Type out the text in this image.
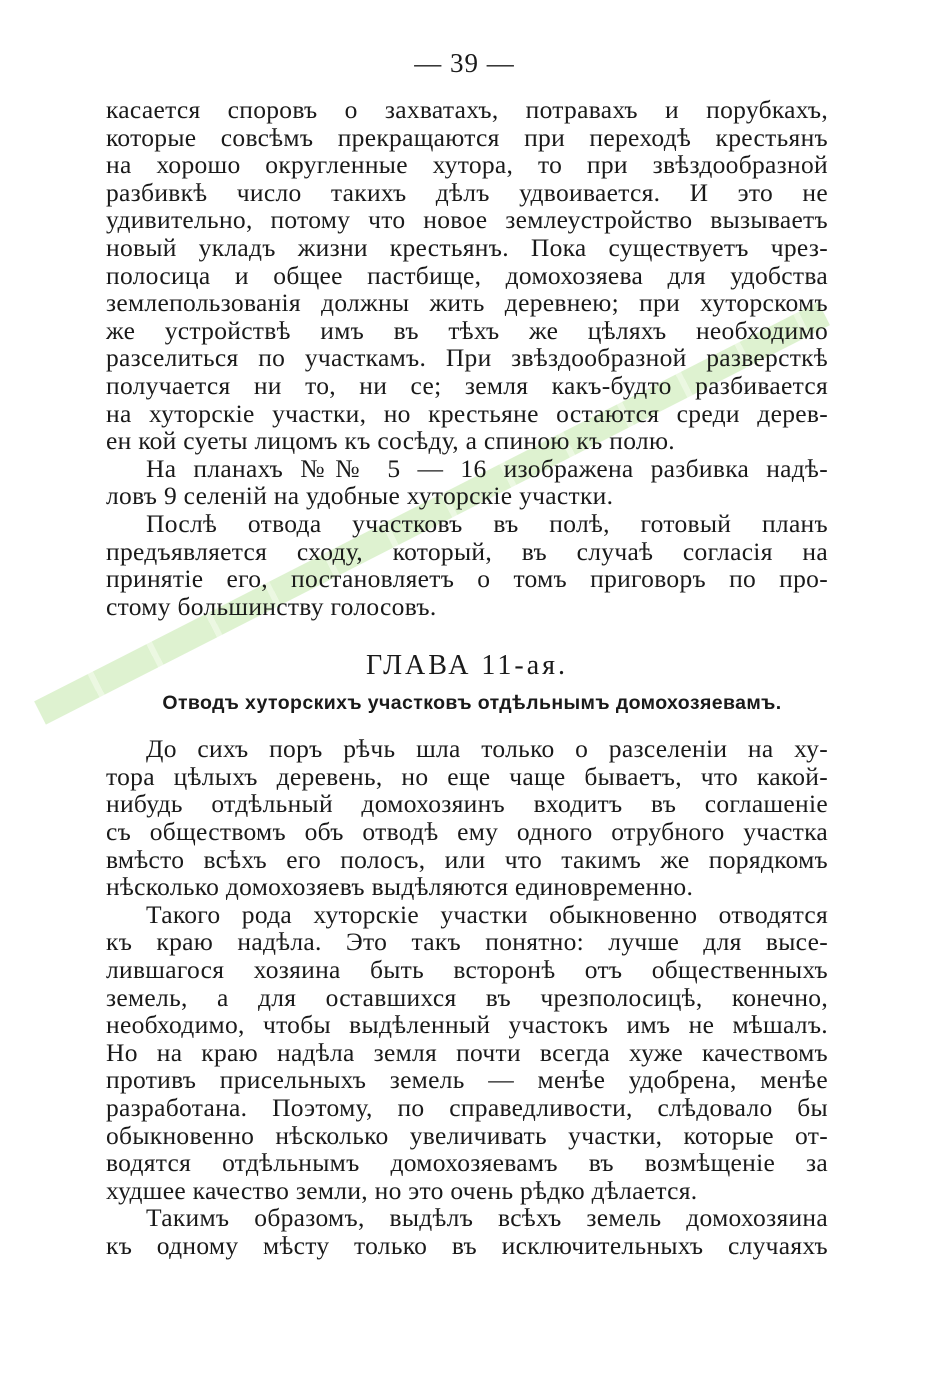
— 39 —
касается споровъ о захватахъ, потравахъ и порубкахъ,
которые совсѣмъ прекращаются при переходѣ крестьянъ
на хорошо округленные хутора, то при звѣздообразной
разбивкѣ число такихъ дѣлъ удвоивается. И это не
удивительно, потому что новое землеустройство вызываетъ
новый укладъ жизни крестьянъ. Пока существуетъ чрез-
полосица и общее пастбище, домохозяева для удобства
землепользованія должны жить деревнею; при хуторскомъ
же устройствѣ имъ въ тѣхъ же цѣляхъ необходимо
разселиться по участкамъ. При звѣздообразной разверсткѣ
получается ни то, ни се; земля какъ-будто разбивается
на хуторскіе участки, но крестьяне остаются среди дерев-
ен кой суеты лицомъ къ сосѣду, а спиною къ полю.
На планахъ №№ 5 — 16 изображена разбивка надѣ-
ловъ 9 селеній на удобные хуторскіе участки.
Послѣ отвода участковъ въ полѣ, готовый планъ
предъявляется сходу, который, въ случаѣ согласія на
принятіе его, постановляетъ о томъ приговоръ по про-
стому большинству голосовъ.
ГЛАВА 11-ая.
Отводъ хуторскихъ участковъ отдѣльнымъ домохозяевамъ.
До сихъ поръ рѣчь шла только о разселеніи на ху-
тора цѣлыхъ деревень, но еще чаще бываетъ, что какой-
нибудь отдѣльный домохозяинъ входитъ въ соглашеніе
съ обществомъ объ отводѣ ему одного отрубного участка
вмѣсто всѣхъ его полосъ, или что такимъ же порядкомъ
нѣсколько домохозяевъ выдѣляются единовременно.
Такого рода хуторскіе участки обыкновенно отводятся
къ краю надѣла. Это такъ понятно: лучше для высе-
лившагося хозяина быть всторонѣ отъ общественныхъ
земель, а для оставшихся въ чрезполосицѣ, конечно,
необходимо, чтобы выдѣленный участокъ имъ не мѣшалъ.
Но на краю надѣла земля почти всегда хуже качествомъ
противъ присельныхъ земель — менѣе удобрена, менѣе
разработана. Поэтому, по справедливости, слѣдовало бы
обыкновенно нѣсколько увеличивать участки, которые от-
водятся отдѣльнымъ домохозяевамъ въ возмѣщеніе за
худшее качество земли, но это очень рѣдко дѣлается.
Такимъ образомъ, выдѣлъ всѣхъ земель домохозяина
къ одному мѣсту только въ исключительныхъ случаяхъ
